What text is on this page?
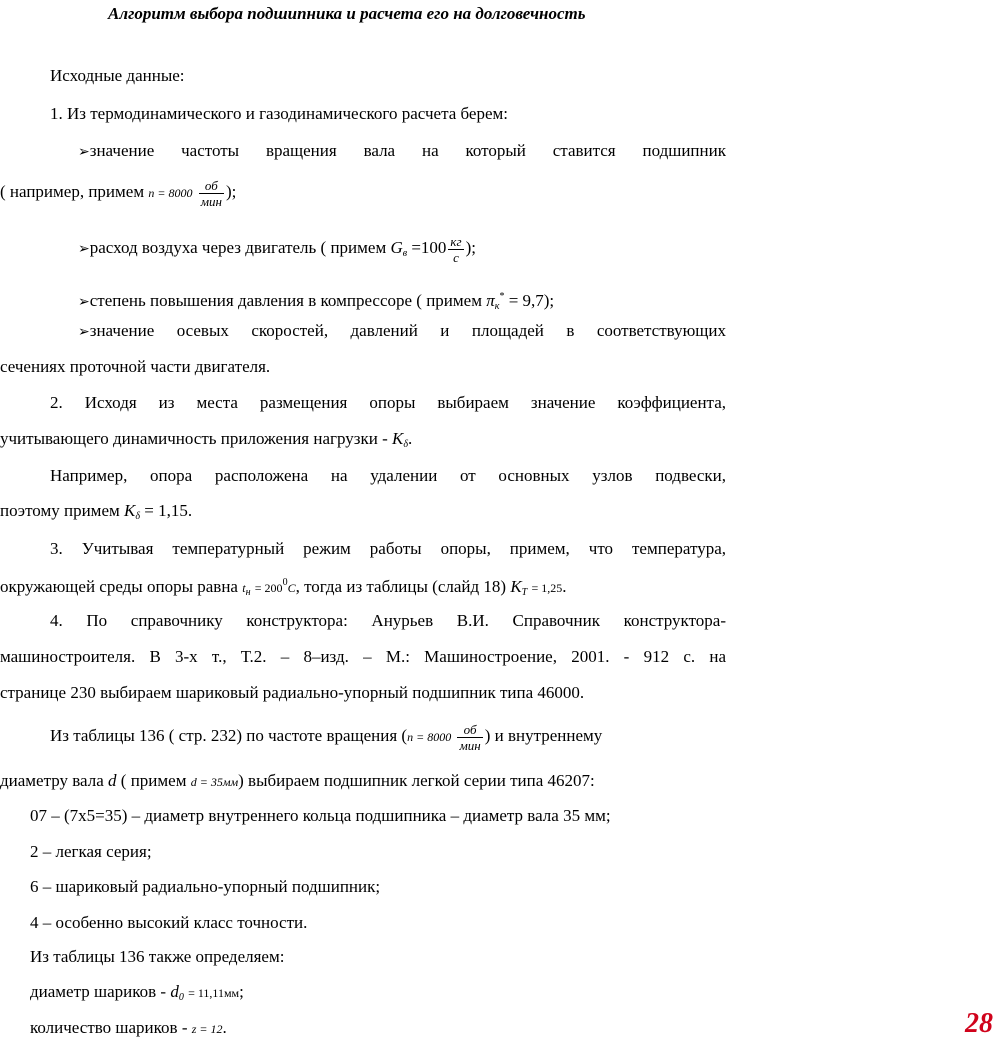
Алгоритм выбора подшипника и расчета его на долговечность
Исходные данные:
1. Из термодинамического и газодинамического расчета берем:
➢значение частоты вращения вала на который ставится подшипник
( например, примем $n = 8000 \frac{об}{\text{мин}}$ );
➢расход воздуха через двигатель ( примем $G_в =100 \frac{кг}{с}$ );
➢степень повышения давления в компрессоре ( примем $\pi_к^* = 9,7$);
➢значение осевых скоростей, давлений и площадей в соответствующих
сечениях проточной части двигателя.
2. Исходя из места размещения опоры выбираем значение коэффициента,
учитывающего динамичность приложения нагрузки - $K_\delta$.
Например, опора расположена на удалении от основных узлов подвески,
поэтому примем $K_\delta = 1,15$.
3. Учитывая температурный режим работы опоры, примем, что температура,
окружающей среды опоры равна $t_н = 200^0C$, тогда из таблицы (слайд 18) $K_T = 1,25$.
4. По справочнику конструктора: Анурьев В.И. Справочник конструктора-
машиностроителя. В 3-х т., Т.2. – 8–изд. – М.: Машиностроение, 2001. - 912 с. на
странице 230 выбираем шариковый радиально-упорный подшипник типа 46000.
Из таблицы 136 ( стр. 232) по частоте вращения ($n = 8000 \frac{об}{\text{мин}}$ ) и внутреннему
диаметру вала d ( примем d = 35мм) выбираем подшипник легкой серии типа 46207:
07 – (7х5=35) – диаметр внутреннего кольца подшипника – диаметр вала 35 мм;
2 – легкая серия;
6 – шариковый радиально-упорный подшипник;
4 – особенно высокий класс точности.
Из таблицы 136 также определяем:
диаметр шариков - $d_0 = 11,11мм$;
количество шариков - z = 12.	28
